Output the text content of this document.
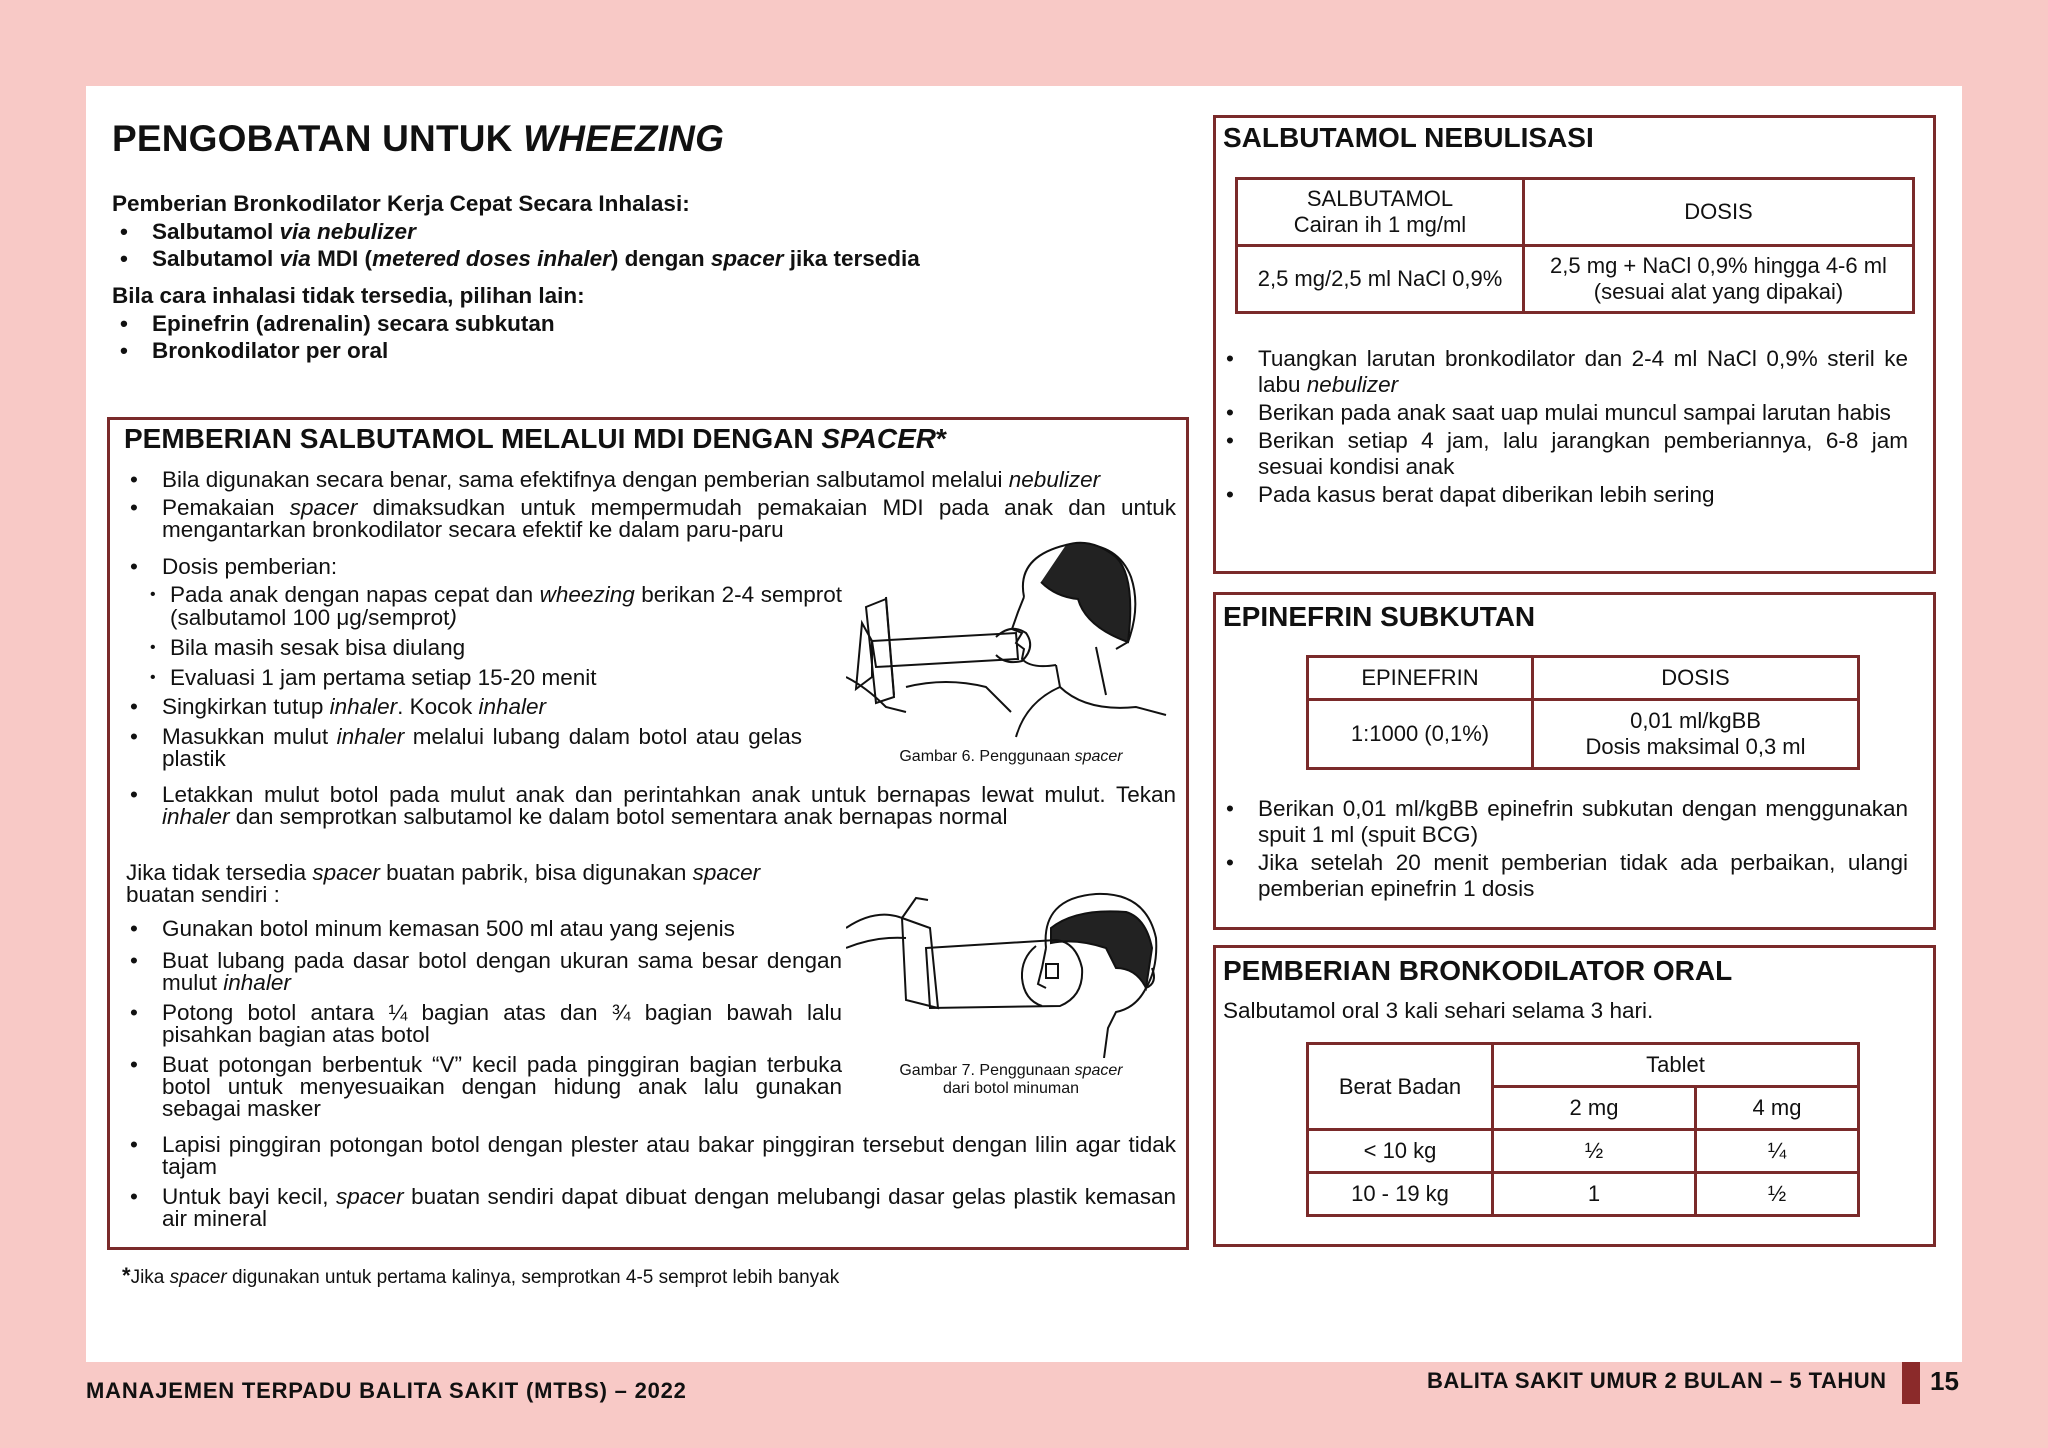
PENGOBATAN UNTUK WHEEZING
Pemberian Bronkodilator Kerja Cepat Secara Inhalasi:
• Salbutamol via nebulizer
• Salbutamol via MDI (metered doses inhaler) dengan spacer jika tersedia
Bila cara inhalasi tidak tersedia, pilihan lain:
• Epinefrin (adrenalin) secara subkutan
• Bronkodilator per oral
PEMBERIAN SALBUTAMOL MELALUI MDI DENGAN SPACER*
• Bila digunakan secara benar, sama efektifnya dengan pemberian salbutamol melalui nebulizer
• Pemakaian spacer dimaksudkan untuk mempermudah pemakaian MDI pada anak dan untuk mengantarkan bronkodilator secara efektif ke dalam paru-paru
• Dosis pemberian:
• Pada anak dengan napas cepat dan wheezing berikan 2-4 semprot (salbutamol 100 μg/semprot)
• Bila masih sesak bisa diulang
• Evaluasi 1 jam pertama setiap 15-20 menit
• Singkirkan tutup inhaler. Kocok inhaler
• Masukkan mulut inhaler melalui lubang dalam botol atau gelas plastik	Gambar 6. Penggunaan spacer
• Letakkan mulut botol pada mulut anak dan perintahkan anak untuk bernapas lewat mulut. Tekan inhaler dan semprotkan salbutamol ke dalam botol sementara anak bernapas normal
Jika tidak tersedia spacer buatan pabrik, bisa digunakan spacer buatan sendiri :
• Gunakan botol minum kemasan 500 ml atau yang sejenis
• Buat lubang pada dasar botol dengan ukuran sama besar dengan mulut inhaler
• Potong botol antara ¼ bagian atas dan ¾ bagian bawah lalu pisahkan bagian atas botol
• Buat potongan berbentuk “V” kecil pada pinggiran bagian terbuka botol untuk menyesuaikan dengan hidung anak lalu gunakan sebagai masker
Gambar 7. Penggunaan spacer
dari botol minuman
• Lapisi pinggiran potongan botol dengan plester atau bakar pinggiran tersebut dengan lilin agar tidak tajam
• Untuk bayi kecil, spacer buatan sendiri dapat dibuat dengan melubangi dasar gelas plastik kemasan air mineral
*Jika spacer digunakan untuk pertama kalinya, semprotkan 4-5 semprot lebih banyak
SALBUTAMOL NEBULISASI
SALBUTAMOL
Cairan ih 1 mg/ml	DOSIS
2,5 mg/2,5 ml NaCl 0,9%	2,5 mg + NaCl 0,9% hingga 4-6 ml
(sesuai alat yang dipakai)
• Tuangkan larutan bronkodilator dan 2-4 ml NaCl 0,9% steril ke labu nebulizer
• Berikan pada anak saat uap mulai muncul sampai larutan habis
• Berikan setiap 4 jam, lalu jarangkan pemberiannya, 6-8 jam sesuai kondisi anak
• Pada kasus berat dapat diberikan lebih sering
EPINEFRIN SUBKUTAN
EPINEFRIN	DOSIS
1:1000 (0,1%)	0,01 ml/kgBB
Dosis maksimal 0,3 ml
• Berikan 0,01 ml/kgBB epinefrin subkutan dengan menggunakan spuit 1 ml (spuit BCG)
• Jika setelah 20 menit pemberian tidak ada perbaikan, ulangi pemberian epinefrin 1 dosis
PEMBERIAN BRONKODILATOR ORAL
Salbutamol oral 3 kali sehari selama 3 hari.
Berat Badan	Tablet	
	2 mg	4 mg
< 10 kg	½	¼
10 - 19 kg	1	½
MANAJEMEN TERPADU BALITA SAKIT (MTBS) – 2022	BALITA SAKIT UMUR 2 BULAN – 5 TAHUN 15
